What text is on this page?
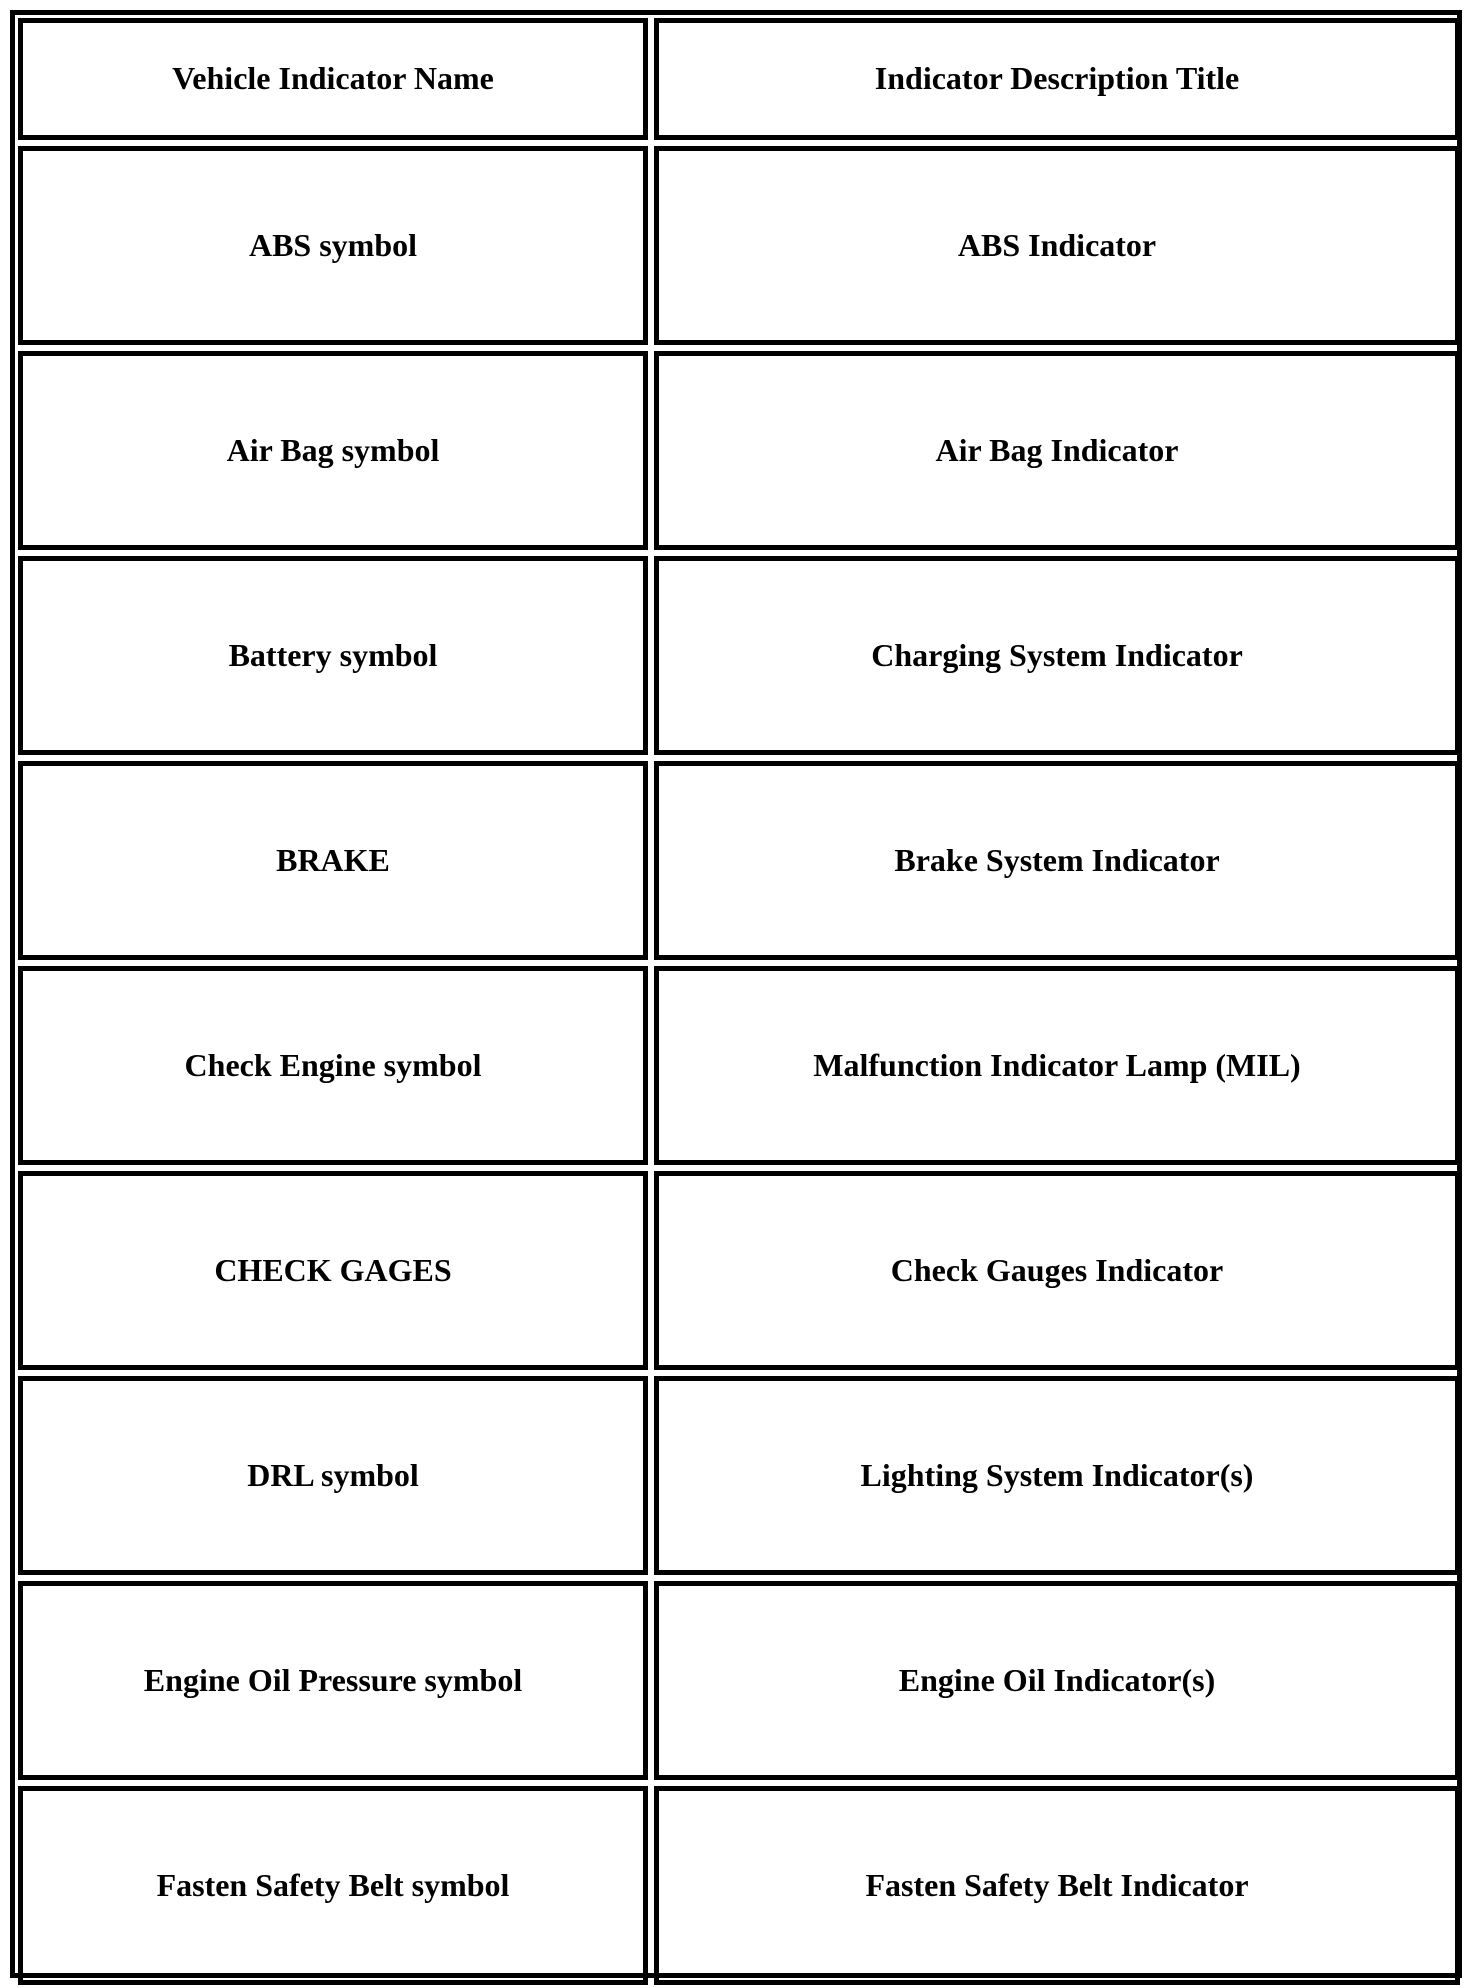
Vehicle Indicator Name	Indicator Description Title
ABS symbol	ABS Indicator
Air Bag symbol	Air Bag Indicator
Battery symbol	Charging System Indicator
BRAKE	Brake System Indicator
Check Engine symbol	Malfunction Indicator Lamp (MIL)
CHECK GAGES	Check Gauges Indicator
DRL symbol	Lighting System Indicator(s)
Engine Oil Pressure symbol	Engine Oil Indicator(s)
Fasten Safety Belt symbol	Fasten Safety Belt Indicator
